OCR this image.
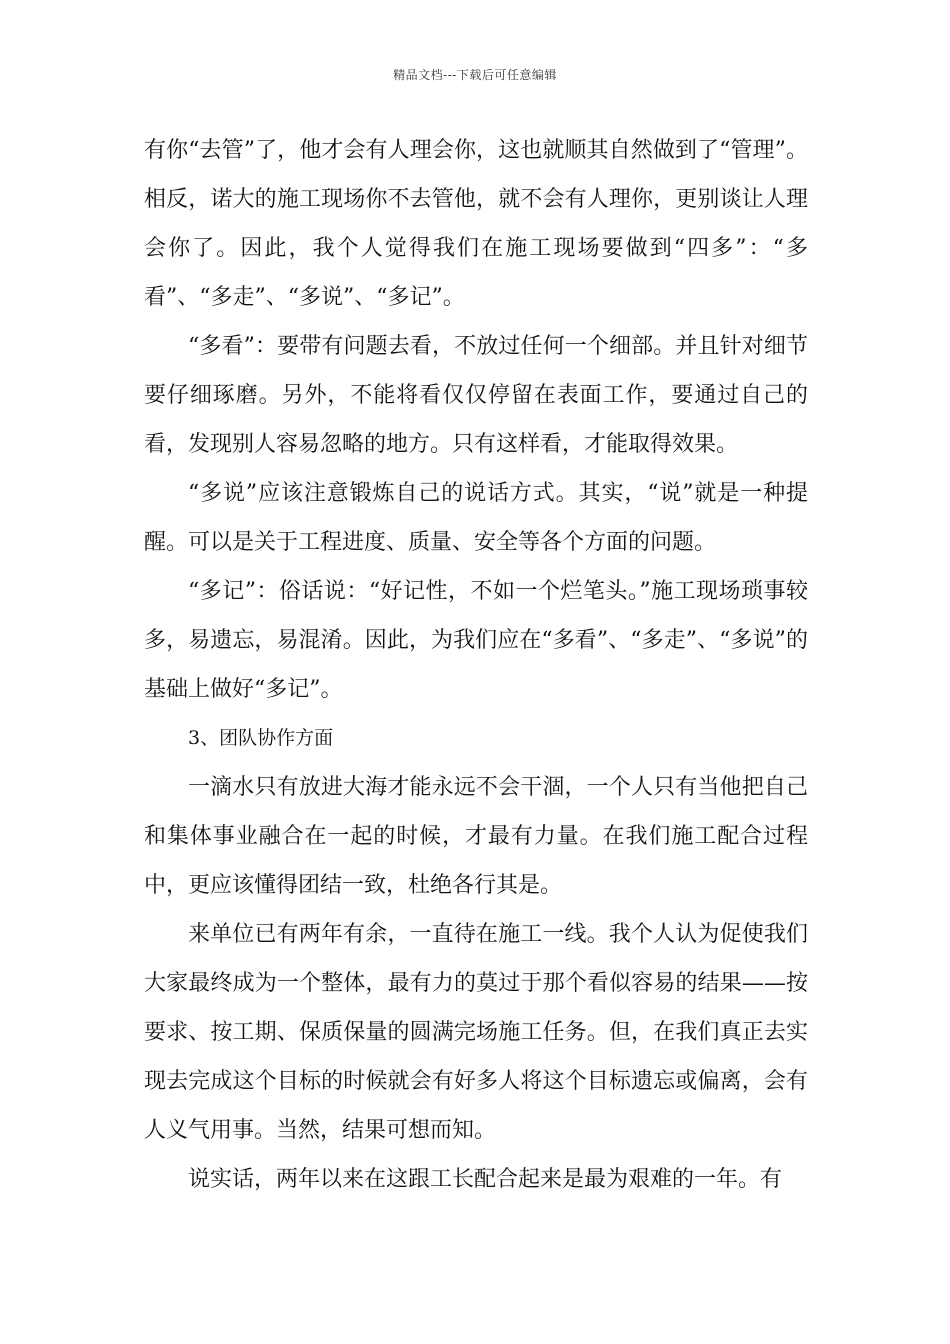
精品文档---下载后可任意编辑

有你“去管”了，他才会有人理会你，这也就顺其自然做到了“管理”。相反，诺大的施工现场你不去管他，就不会有人理你，更别谈让人理会你了。因此，我个人觉得我们在施工现场要做到“四多”：“多看”、“多走”、“多说”、“多记”。

“多看”：要带有问题去看，不放过任何一个细部。并且针对细节要仔细琢磨。另外，不能将看仅仅停留在表面工作，要通过自己的看，发现别人容易忽略的地方。只有这样看，才能取得效果。

“多说”应该注意锻炼自己的说话方式。其实，“说”就是一种提醒。可以是关于工程进度、质量、安全等各个方面的问题。

“多记”：俗话说：“好记性，不如一个烂笔头。”施工现场琐事较多，易遗忘，易混淆。因此，为我们应在“多看”、“多走”、“多说”的基础上做好“多记”。

3、团队协作方面

一滴水只有放进大海才能永远不会干涸，一个人只有当他把自己和集体事业融合在一起的时候，才最有力量。在我们施工配合过程中，更应该懂得团结一致，杜绝各行其是。

来单位已有两年有余，一直待在施工一线。我个人认为促使我们大家最终成为一个整体，最有力的莫过于那个看似容易的结果——按要求、按工期、保质保量的圆满完场施工任务。但，在我们真正去实现去完成这个目标的时候就会有好多人将这个目标遗忘或偏离，会有人义气用事。当然，结果可想而知。

说实话，两年以来在这跟工长配合起来是最为艰难的一年。有
